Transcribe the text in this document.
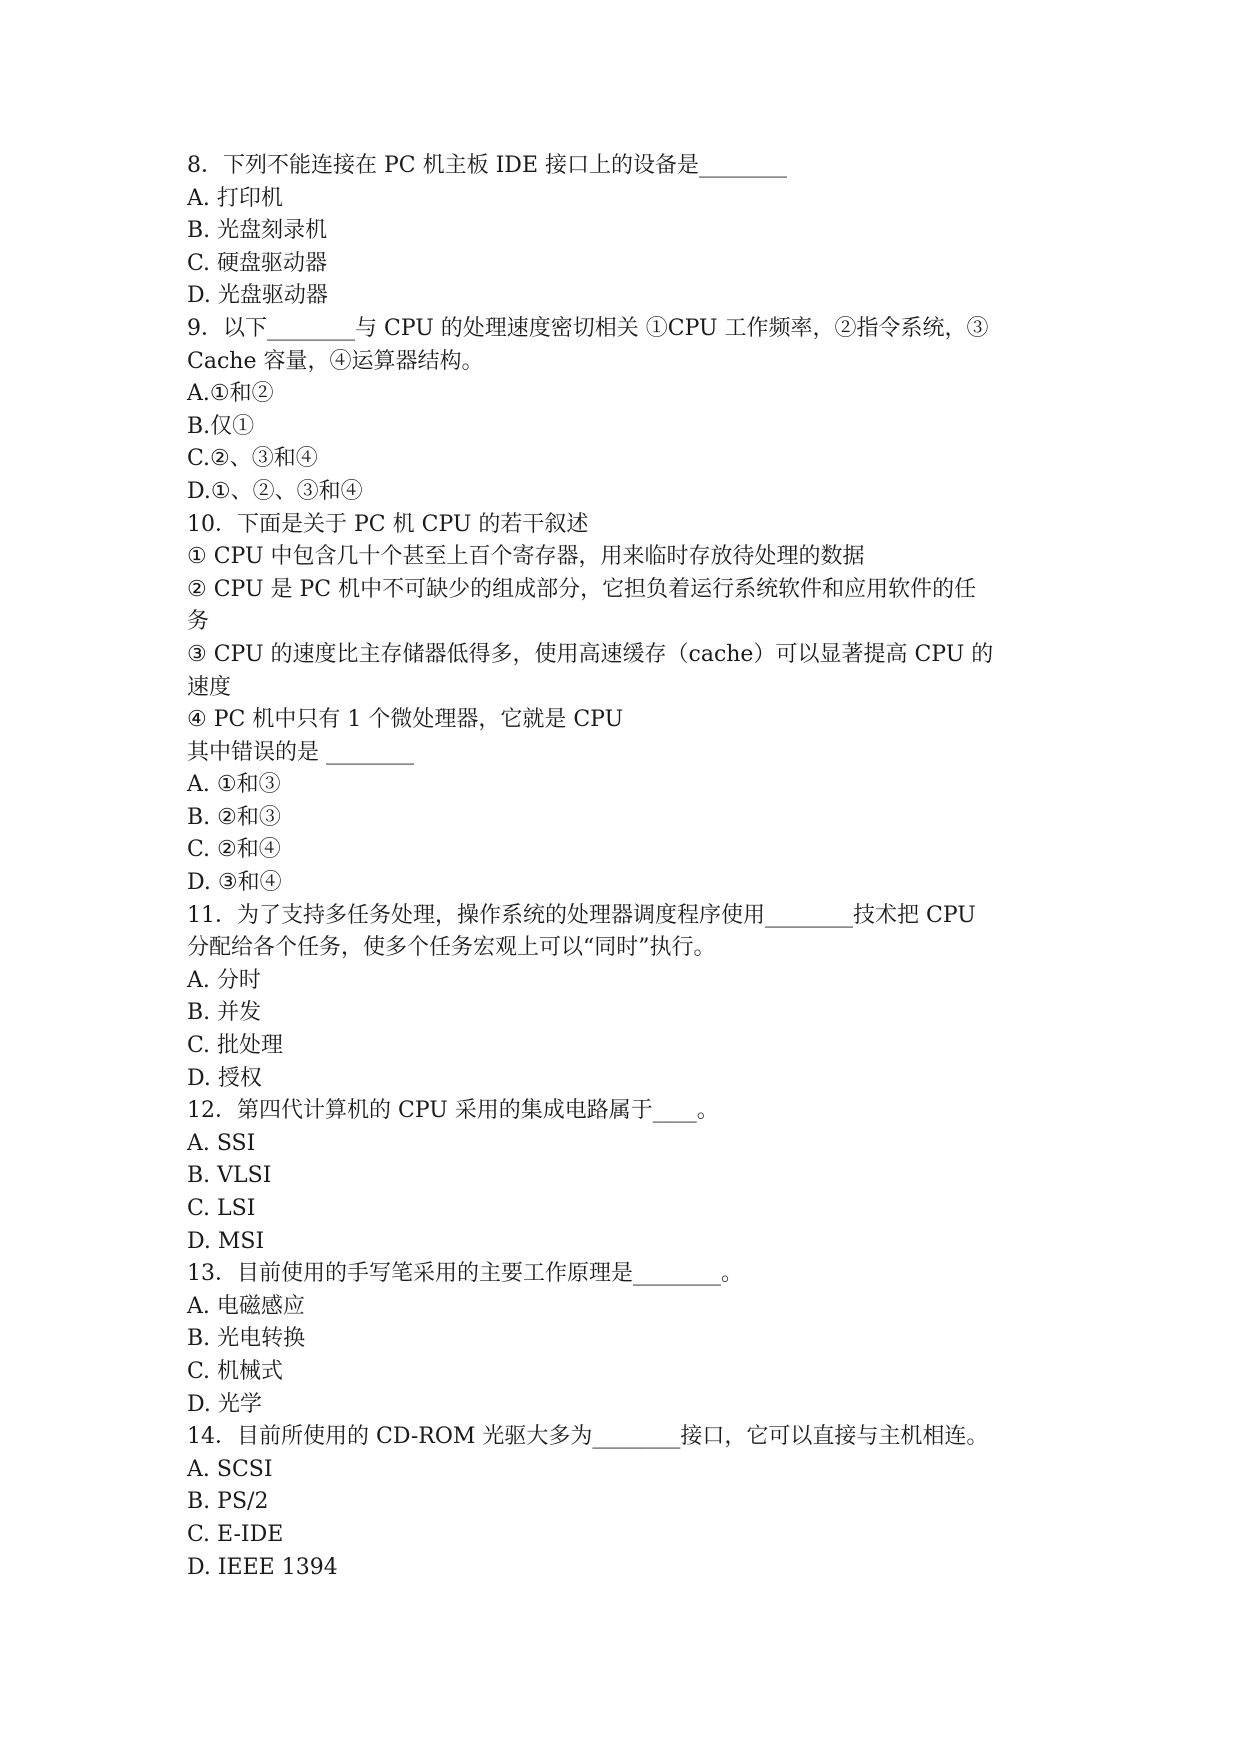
8．下列不能连接在 PC 机主板 IDE 接口上的设备是________

A. 打印机

B. 光盘刻录机

C. 硬盘驱动器

D. 光盘驱动器

9．以下________与 CPU 的处理速度密切相关 ①CPU 工作频率，②指令系统，③

Cache 容量，④运算器结构。

A.①和②

B.仅①

C.②、③和④

D.①、②、③和④

10．下面是关于 PC 机 CPU 的若干叙述

① CPU 中包含几十个甚至上百个寄存器，用来临时存放待处理的数据

② CPU 是 PC 机中不可缺少的组成部分，它担负着运行系统软件和应用软件的任

务

③ CPU 的速度比主存储器低得多，使用高速缓存（cache）可以显著提高 CPU 的

速度

④ PC 机中只有 1 个微处理器，它就是 CPU

其中错误的是 ________

A. ①和③

B. ②和③

C. ②和④

D. ③和④

11．为了支持多任务处理，操作系统的处理器调度程序使用________技术把 CPU

分配给各个任务，使多个任务宏观上可以“同时”执行。

A. 分时

B. 并发

C. 批处理

D. 授权

12．第四代计算机的 CPU 采用的集成电路属于____。

A. SSI

B. VLSI

C. LSI

D. MSI

13．目前使用的手写笔采用的主要工作原理是________。

A. 电磁感应

B. 光电转换

C. 机械式

D. 光学

14．目前所使用的 CD-ROM 光驱大多为________接口，它可以直接与主机相连。

A. SCSI

B. PS/2

C. E-IDE

D. IEEE 1394
